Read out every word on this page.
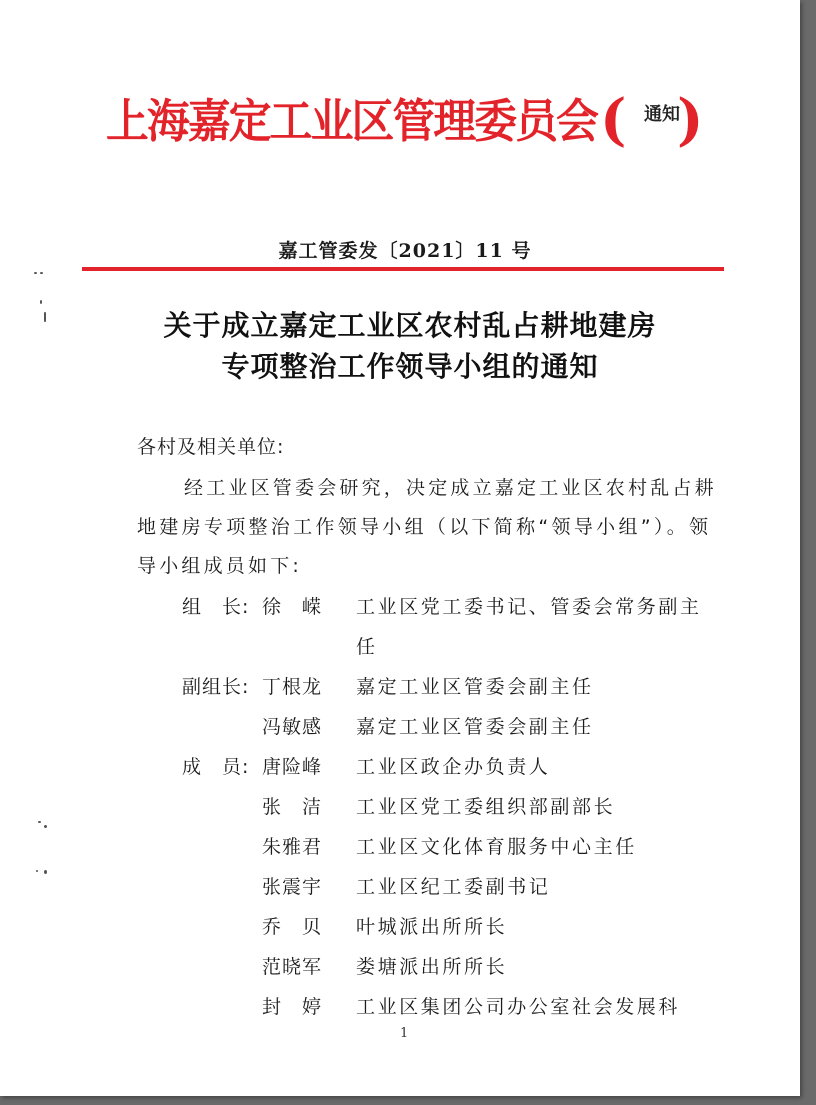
上海嘉定工业区管理委员会 ( 通知
)
嘉工管委发〔2021〕11 号
关于成立嘉定工业区农村乱占耕地建房
专项整治工作领导小组的通知
各村及相关单位:
经工业区管委会研究，决定成立嘉定工业区农村乱占耕
地建房专项整治工作领导小组（以下简称“领导小组”）。领
导小组成员如下:
组　长: 徐　嵘 工业区党工委书记、管委会常务副主
任
副组长: 丁根龙 嘉定工业区管委会副主任
冯敏感 嘉定工业区管委会副主任
成　员: 唐险峰 工业区政企办负责人
张　洁 工业区党工委组织部副部长
朱雅君 工业区文化体育服务中心主任
张震宇 工业区纪工委副书记
乔　贝 叶城派出所所长
范晓军 娄塘派出所所长
封　婷 工业区集团公司办公室社会发展科
1
